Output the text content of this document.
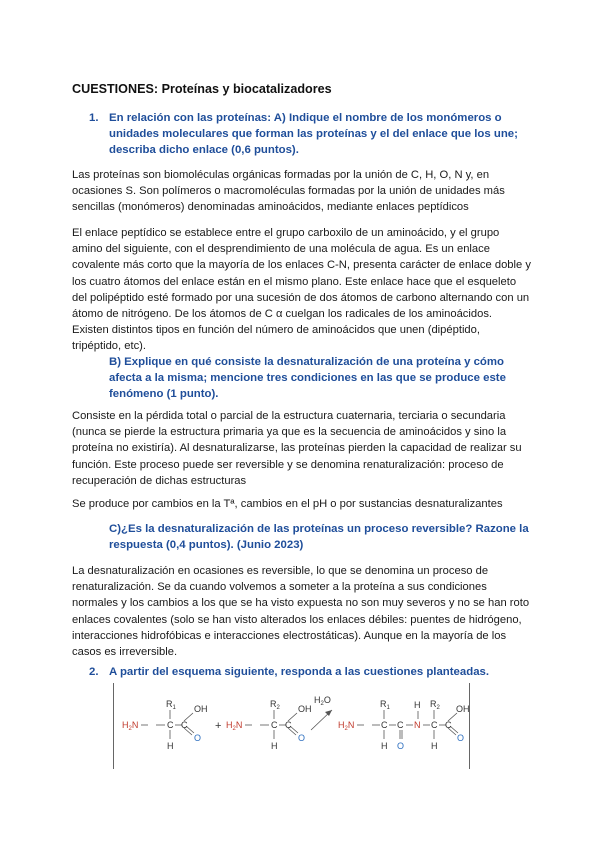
CUESTIONES: Proteínas y biocatalizadores
1. En relación con las proteínas: A) Indique el nombre de los monómeros o
unidades moleculares que forman las proteínas y el del enlace que los une;
describa dicho enlace (0,6 puntos).
Las proteínas son biomoléculas orgánicas formadas por la unión de C, H, O, N y, en
ocasiones S. Son polímeros o macromoléculas formadas por la unión de unidades más
sencillas (monómeros) denominadas aminoácidos, mediante enlaces peptídicos
El enlace peptídico se establece entre el grupo carboxilo de un aminoácido, y el grupo
amino del siguiente, con el desprendimiento de una molécula de agua. Es un enlace
covalente más corto que la mayoría de los enlaces C-N, presenta carácter de enlace doble y
los cuatro átomos del enlace están en el mismo plano. Este enlace hace que el esqueleto
del polipéptido esté formado por una sucesión de dos átomos de carbono alternando con un
átomo de nitrógeno. De los átomos de C α cuelgan los radicales de los aminoácidos.
Existen distintos tipos en función del número de aminoácidos que unen (dipéptido,
tripéptido, etc).
B) Explique en qué consiste la desnaturalización de una proteína y cómo
afecta a la misma; mencione tres condiciones en las que se produce este
fenómeno (1 punto).
Consiste en la pérdida total o parcial de la estructura cuaternaria, terciaria o secundaria
(nunca se pierde la estructura primaria ya que es la secuencia de aminoácidos y sino la
proteína no existiría). Al desnaturalizarse, las proteínas pierden la capacidad de realizar su
función. Este proceso puede ser reversible y se denomina renaturalización: proceso de
recuperación de dichas estructuras
Se produce por cambios en la Tª, cambios en el pH o por sustancias desnaturalizantes
C)¿Es la desnaturalización de las proteínas un proceso reversible? Razone la
respuesta (0,4 puntos). (Junio 2023)
La desnaturalización en ocasiones es reversible, lo que se denomina un proceso de
renaturalización. Se da cuando volvemos a someter a la proteína a sus condiciones
normales y los cambios a los que se ha visto expuesta no son muy severos y no se han roto
enlaces covalentes (solo se han visto alterados los enlaces débiles: puentes de hidrógeno,
interacciones hidrofóbicas e interacciones electrostáticas). Aunque en la mayoría de los
casos es irreversible.
2. A partir del esquema siguiente, responda a las cuestiones planteadas.
$H_2N$
$R_1$
C
H
C
OH
O
+ $H_2N$
$R_2$
C
H
C
OH
O
$H_2O$
$H_2N$
$R_1$
C
H
C
O
H
N
$R_2$
C
H
C
OH
O
